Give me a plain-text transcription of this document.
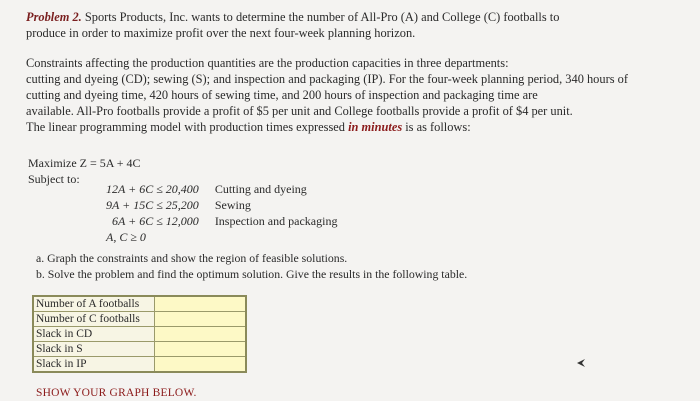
Problem 2. Sports Products, Inc. wants to determine the number of All-Pro (A) and College (C) footballs to
produce in order to maximize profit over the next four-week planning horizon.
Constraints affecting the production quantities are the production capacities in three departments:
cutting and dyeing (CD); sewing (S); and inspection and packaging (IP). For the four-week planning period, 340 hours of
cutting and dyeing time, 420 hours of sewing time, and 200 hours of inspection and packaging time are
available. All-Pro footballs provide a profit of $5 per unit and College footballs provide a profit of $4 per unit.
The linear programming model with production times expressed in minutes is as follows:
Maximize Z = 5A + 4C
Subject to:
12A + 6C ≤ 20,400	Cutting and dyeing
9A + 15C ≤ 25,200	Sewing
6A + 6C ≤ 12,000	Inspection and packaging
A, C ≥ 0	
a. Graph the constraints and show the region of feasible solutions.
b. Solve the problem and find the optimum solution. Give the results in the following table.
Number of A footballs	
Number of C footballs	
Slack in CD	
Slack in S	
Slack in IP	
SHOW YOUR GRAPH BELOW.
